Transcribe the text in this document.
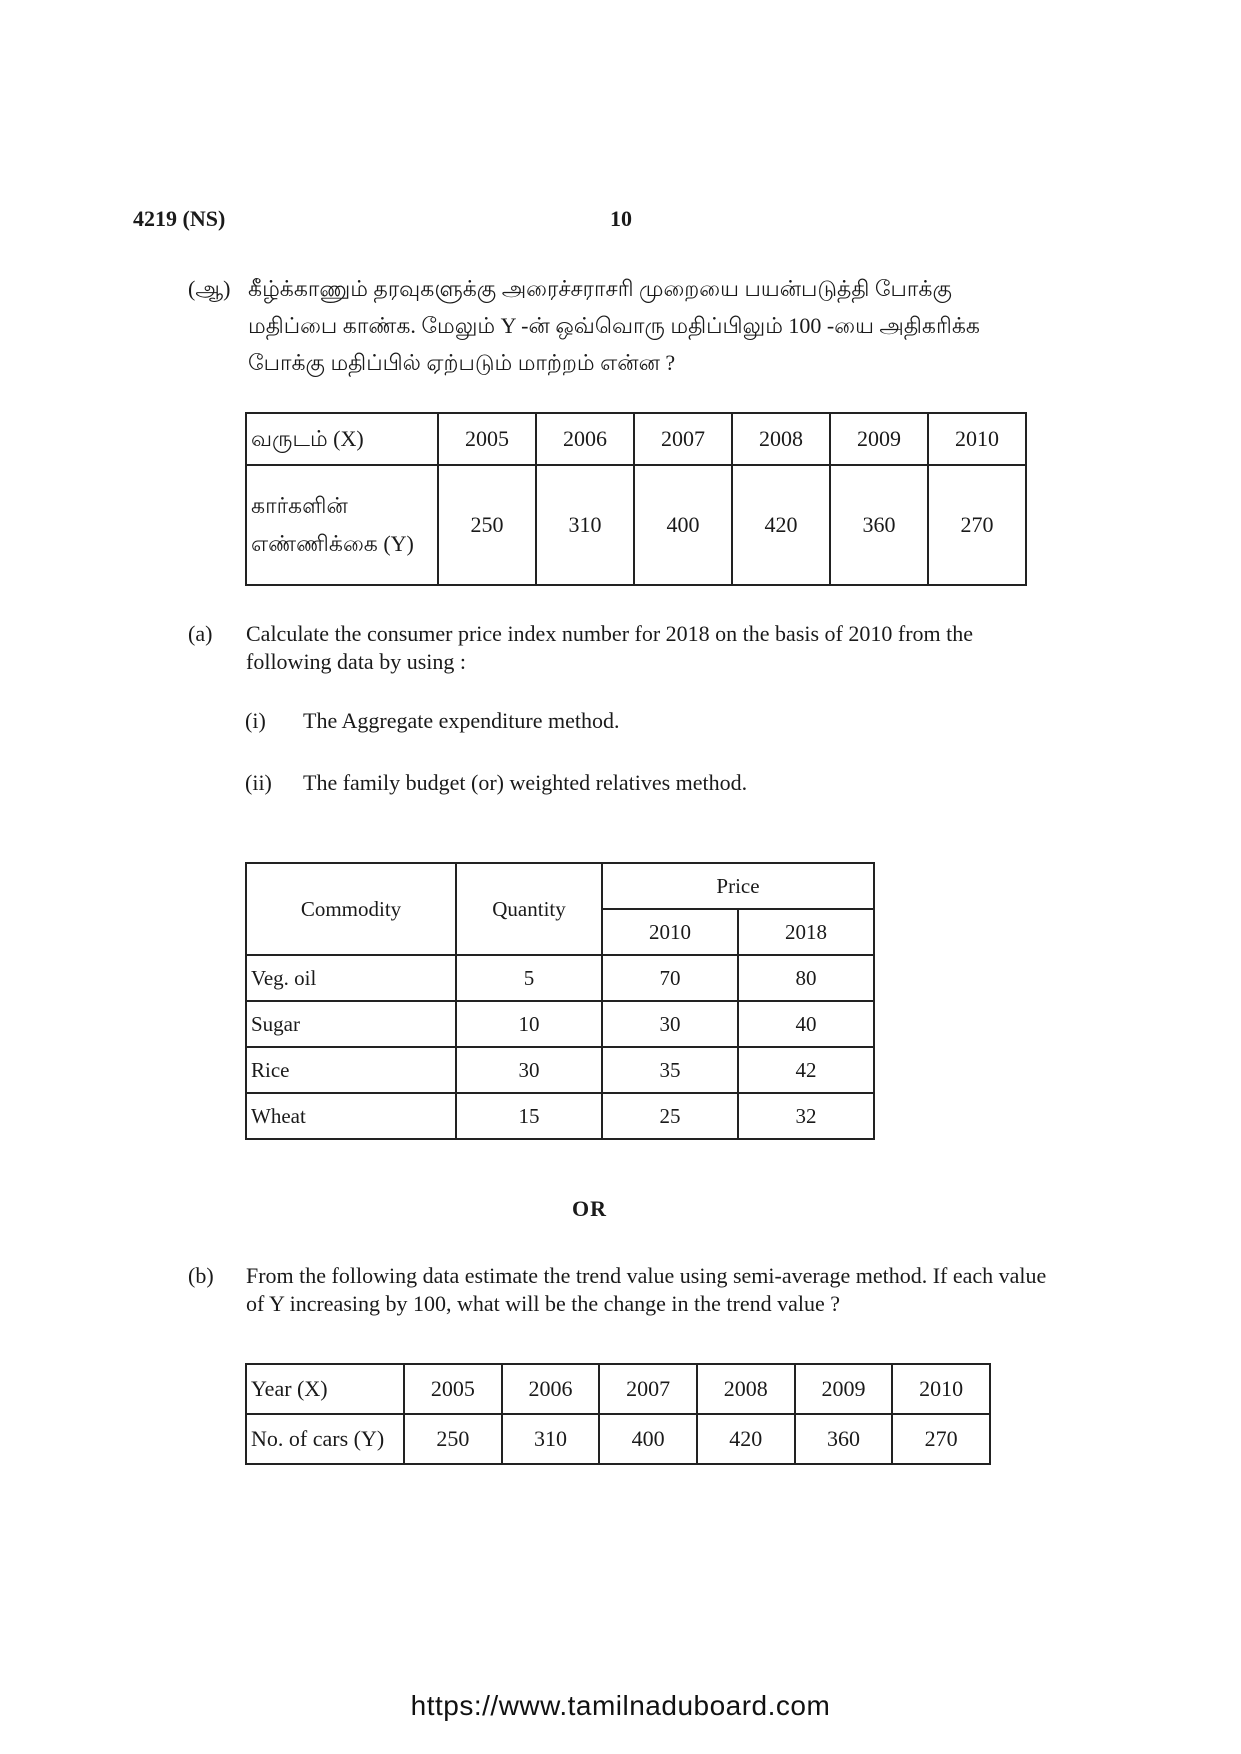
4219 (NS)	10
(ஆ) கீழ்க்காணும் தரவுகளுக்கு அரைச்சராசரி முறையை பயன்படுத்தி போக்கு
மதிப்பை காண்க. மேலும் Y -ன் ஒவ்வொரு மதிப்பிலும் 100 -யை அதிகரிக்க
போக்கு மதிப்பில் ஏற்படும் மாற்றம் என்ன ?
வருடம் (X)	2005	2006	2007	2008	2009	2010

கார்களின்
எண்ணிக்கை (Y)	250	310	400	420	360	270
(a) Calculate the consumer price index number for 2018 on the basis of 2010 from the following data by using :
(i) The Aggregate expenditure method.
(ii) The family budget (or) weighted relatives method.
Commodity	Quantity	Price	
		2010	2018
Veg. oil	5	70	80
Sugar	10	30	40
Rice	30	35	42
Wheat	15	25	32
OR
(b) From the following data estimate the trend value using semi-average method. If each value of Y increasing by 100, what will be the change in the trend value ?
Year (X)	2005	2006	2007	2008	2009	2010
No. of cars (Y)	250	310	400	420	360	270
https://www.tamilnaduboard.com
